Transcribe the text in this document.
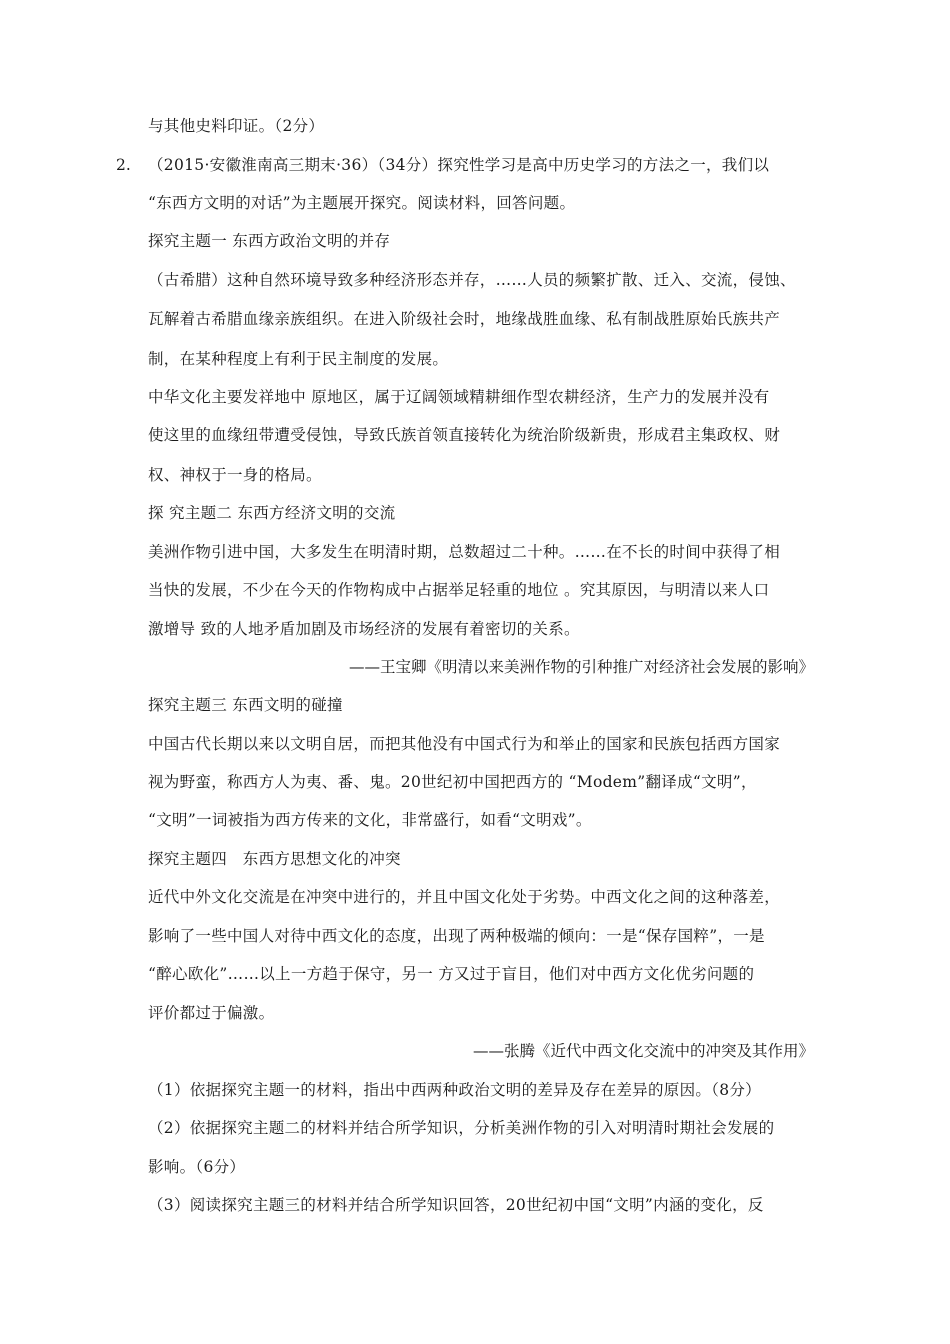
与其他史料印证。（2分）
2. （2015·安徽淮南高三期末·36）（34分）探究性学习是高中历史学习的方法之一，我们以
“东西方文明的对话”为主题展开探究。阅读材料，回答问题。
探究主题一 东西方政治文明的并存
（古希腊）这种自然环境导致多种经济形态并存，……人员的频繁扩散、迁入、交流，侵蚀、
瓦解着古希腊血缘亲族组织。在进入阶级社会时，地缘战胜血缘、私有制战胜原始氏族共产
制，在某种程度上有利于民主制度的发展。
中华文化主要发祥地中 原地区，属于辽阔领域精耕细作型农耕经济，生产力的发展并没有
使这里的血缘纽带遭受侵蚀，导致氏族首领直接转化为统治阶级新贵，形成君主集政权、财
权、神权于一身的格局。
探 究主题二 东西方经济文明的交流
美洲作物引进中国，大多发生在明清时期，总数超过二十种。……在不长的时间中获得了相
当快的发展，不少在今天的作物构成中占据举足轻重的地位 。究其原因，与明清以来人口
激增导 致的人地矛盾加剧及市场经济的发展有着密切的关系。
——王宝卿《明清以来美洲作物的引种推广对经济社会发展的影响》
探究主题三 东西文明的碰撞
中国古代长期以来以文明自居，而把其他没有中国式行为和举止的国家和民族包括西方国家
视为野蛮，称西方人为夷、番、鬼。20世纪初中国把西方的 “Modem”翻译成“文明”，
“文明”一词被指为西方传来的文化，非常盛行，如看“文明戏”。
探究主题四　东西方思想文化的冲突
近代中外文化交流是在冲突中进行的，并且中国文化处于劣势。中西文化之间的这种落差，
影响了一些中国人对待中西文化的态度，出现了两种极端的倾向：一是“保存国粹”，一是
“醉心欧化”……以上一方趋于保守，另一 方又过于盲目，他们对中西方文化优劣问题的
评价都过于偏激。
——张腾《近代中西文化交流中的冲突及其作用》
（1）依据探究主题一的材料，指出中西两种政治文明的差异及存在差异的原因。（8分）
（2）依据探究主题二的材料并结合所学知识，分析美洲作物的引入对明清时期社会发展的
影响。（6分）
（3）阅读探究主题三的材料并结合所学知识回答，20世纪初中国“文明”内涵的变化，反
